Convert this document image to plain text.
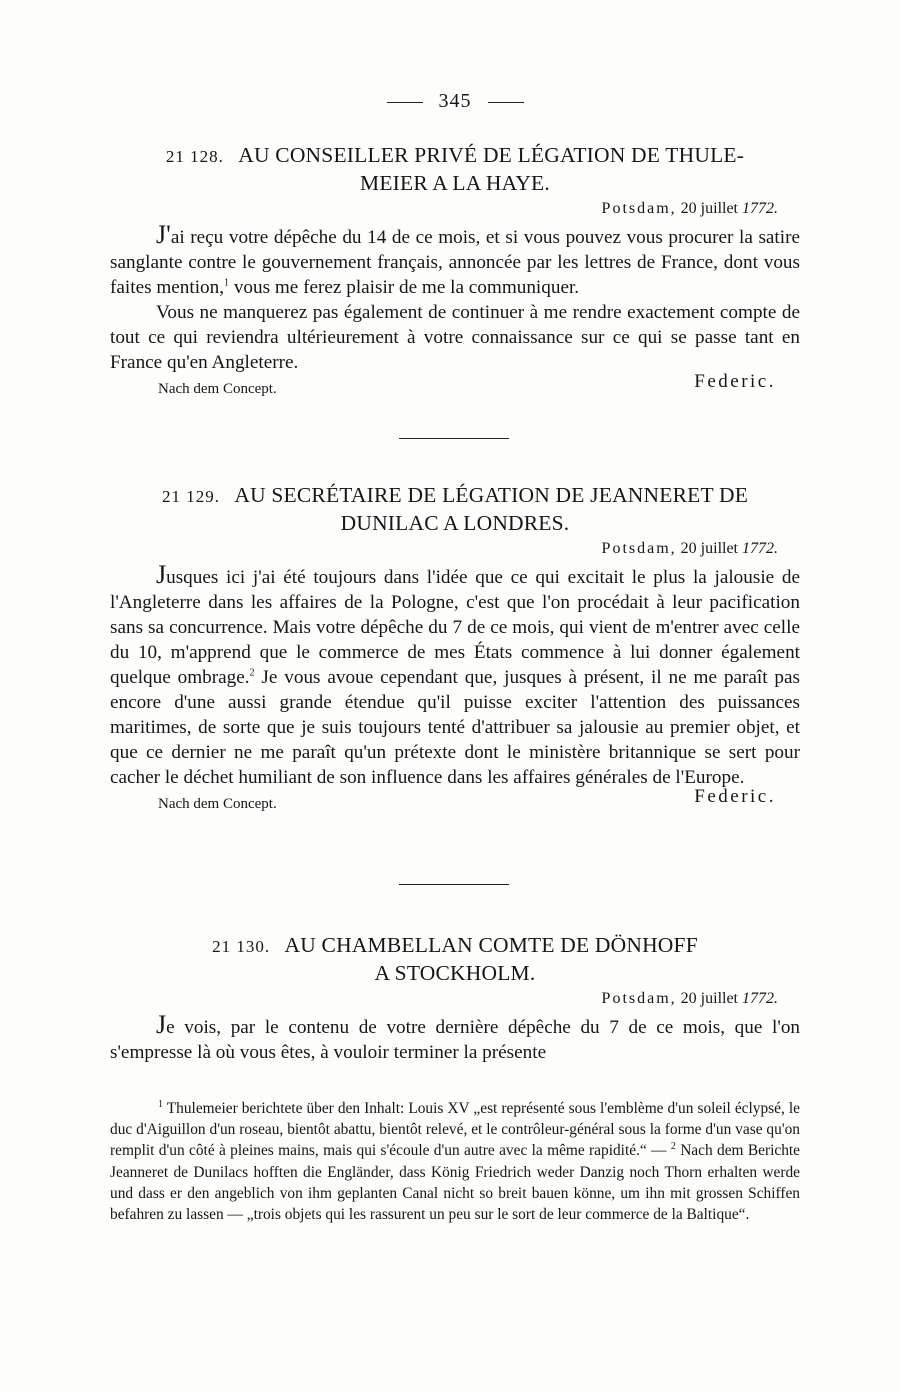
345
21 128. AU CONSEILLER PRIVÉ DE LÉGATION DE THULE-
MEIER A LA HAYE.
Potsdam, 20 juillet 1772.

J'ai reçu votre dépêche du 14 de ce mois, et si vous pouvez vous procurer la satire sanglante contre le gouvernement français, annoncée par les lettres de France, dont vous faites mention,$^1$ vous me ferez plaisir de me la communiquer.

Vous ne manquerez pas également de continuer à me rendre exactement compte de tout ce qui reviendra ultérieurement à votre connaissance sur ce qui se passe tant en France qu'en Angleterre.

Nach dem Concept.	Federic.
21 129. AU SECRÉTAIRE DE LÉGATION DE JEANNERET DE
DUNILAC A LONDRES.
Potsdam, 20 juillet 1772.

Jusques ici j'ai été toujours dans l'idée que ce qui excitait le plus la jalousie de l'Angleterre dans les affaires de la Pologne, c'est que l'on procédait à leur pacification sans sa concurrence. Mais votre dépêche du 7 de ce mois, qui vient de m'entrer avec celle du 10, m'apprend que le commerce de mes États commence à lui donner également quelque ombrage.$^2$ Je vous avoue cependant que, jusques à présent, il ne me paraît pas encore d'une aussi grande étendue qu'il puisse exciter l'attention des puissances maritimes, de sorte que je suis toujours tenté d'attribuer sa jalousie au premier objet, et que ce dernier ne me paraît qu'un prétexte dont le ministère britannique se sert pour cacher le déchet humiliant de son influence dans les affaires générales de l'Europe.

Nach dem Concept.	Federic.
21 130. AU CHAMBELLAN COMTE DE DÖNHOFF
A STOCKHOLM.
Potsdam, 20 juillet 1772.

Je vois, par le contenu de votre dernière dépêche du 7 de ce mois, que l'on s'empresse là où vous êtes, à vouloir terminer la présente

$^1$ Thulemeier berichtete über den Inhalt: Louis XV „est représenté sous l'emblème d'un soleil éclypsé, le duc d'Aiguillon d'un roseau, bientôt abattu, bientôt relevé, et le contrôleur-général sous la forme d'un vase qu'on remplit d'un côté à pleines mains, mais qui s'écoule d'un autre avec la même rapidité.“ — $^2$ Nach dem Berichte Jeanneret de Dunilacs hofften die Engländer, dass König Friedrich weder Danzig noch Thorn erhalten werde und dass er den angeblich von ihm geplanten Canal nicht so breit bauen könne, um ihn mit grossen Schiffen befahren zu lassen — „trois objets qui les rassurent un peu sur le sort de leur commerce de la Baltique“.
